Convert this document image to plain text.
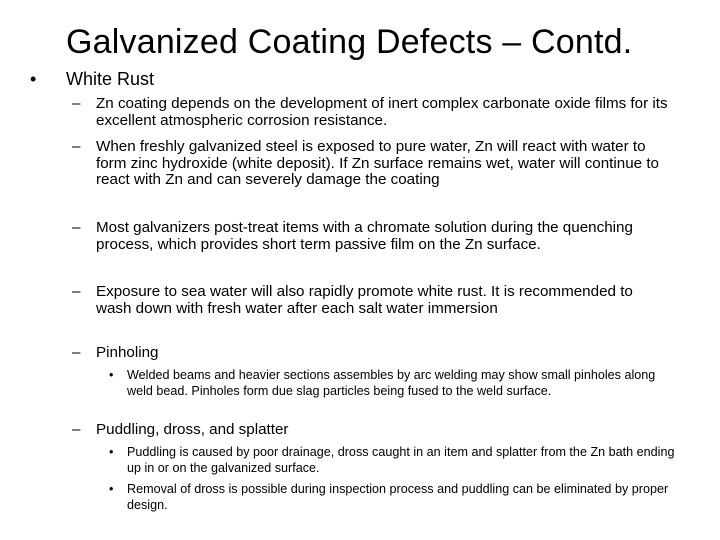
Galvanized Coating Defects – Contd.
• White Rust
– Zn coating depends on the development of inert complex carbonate oxide films for its excellent atmospheric corrosion resistance.
– When freshly galvanized steel is exposed to pure water, Zn will react with water to form zinc hydroxide (white deposit). If Zn surface remains wet, water will continue to react with Zn and can severely damage the coating
– Most galvanizers post-treat items with a chromate solution during the quenching process, which provides short term passive film on the Zn surface.
– Exposure to sea water will also rapidly promote white rust. It is recommended to wash down with fresh water after each salt water immersion
– Pinholing
• Welded beams and heavier sections assembles by arc welding may show small pinholes along weld bead. Pinholes form due slag particles being fused to the weld surface.
– Puddling, dross, and splatter
• Puddling is caused by poor drainage, dross caught in an item and splatter from the Zn bath ending up in or on the galvanized surface.
• Removal of dross is possible during inspection process and puddling can be eliminated by proper design.
